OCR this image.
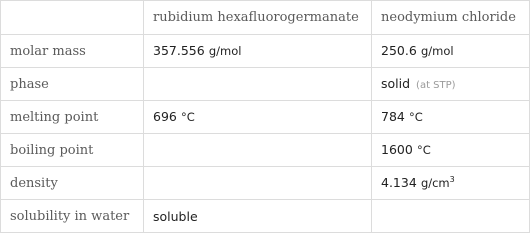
	rubidium hexafluorogermanate	neodymium chloride
molar mass	357.556 g/mol	250.6 g/mol
phase		solid (at STP)
melting point	696 °C	784 °C
boiling point		1600 °C
density		4.134 $g/cm^3$
solubility in water	soluble	
